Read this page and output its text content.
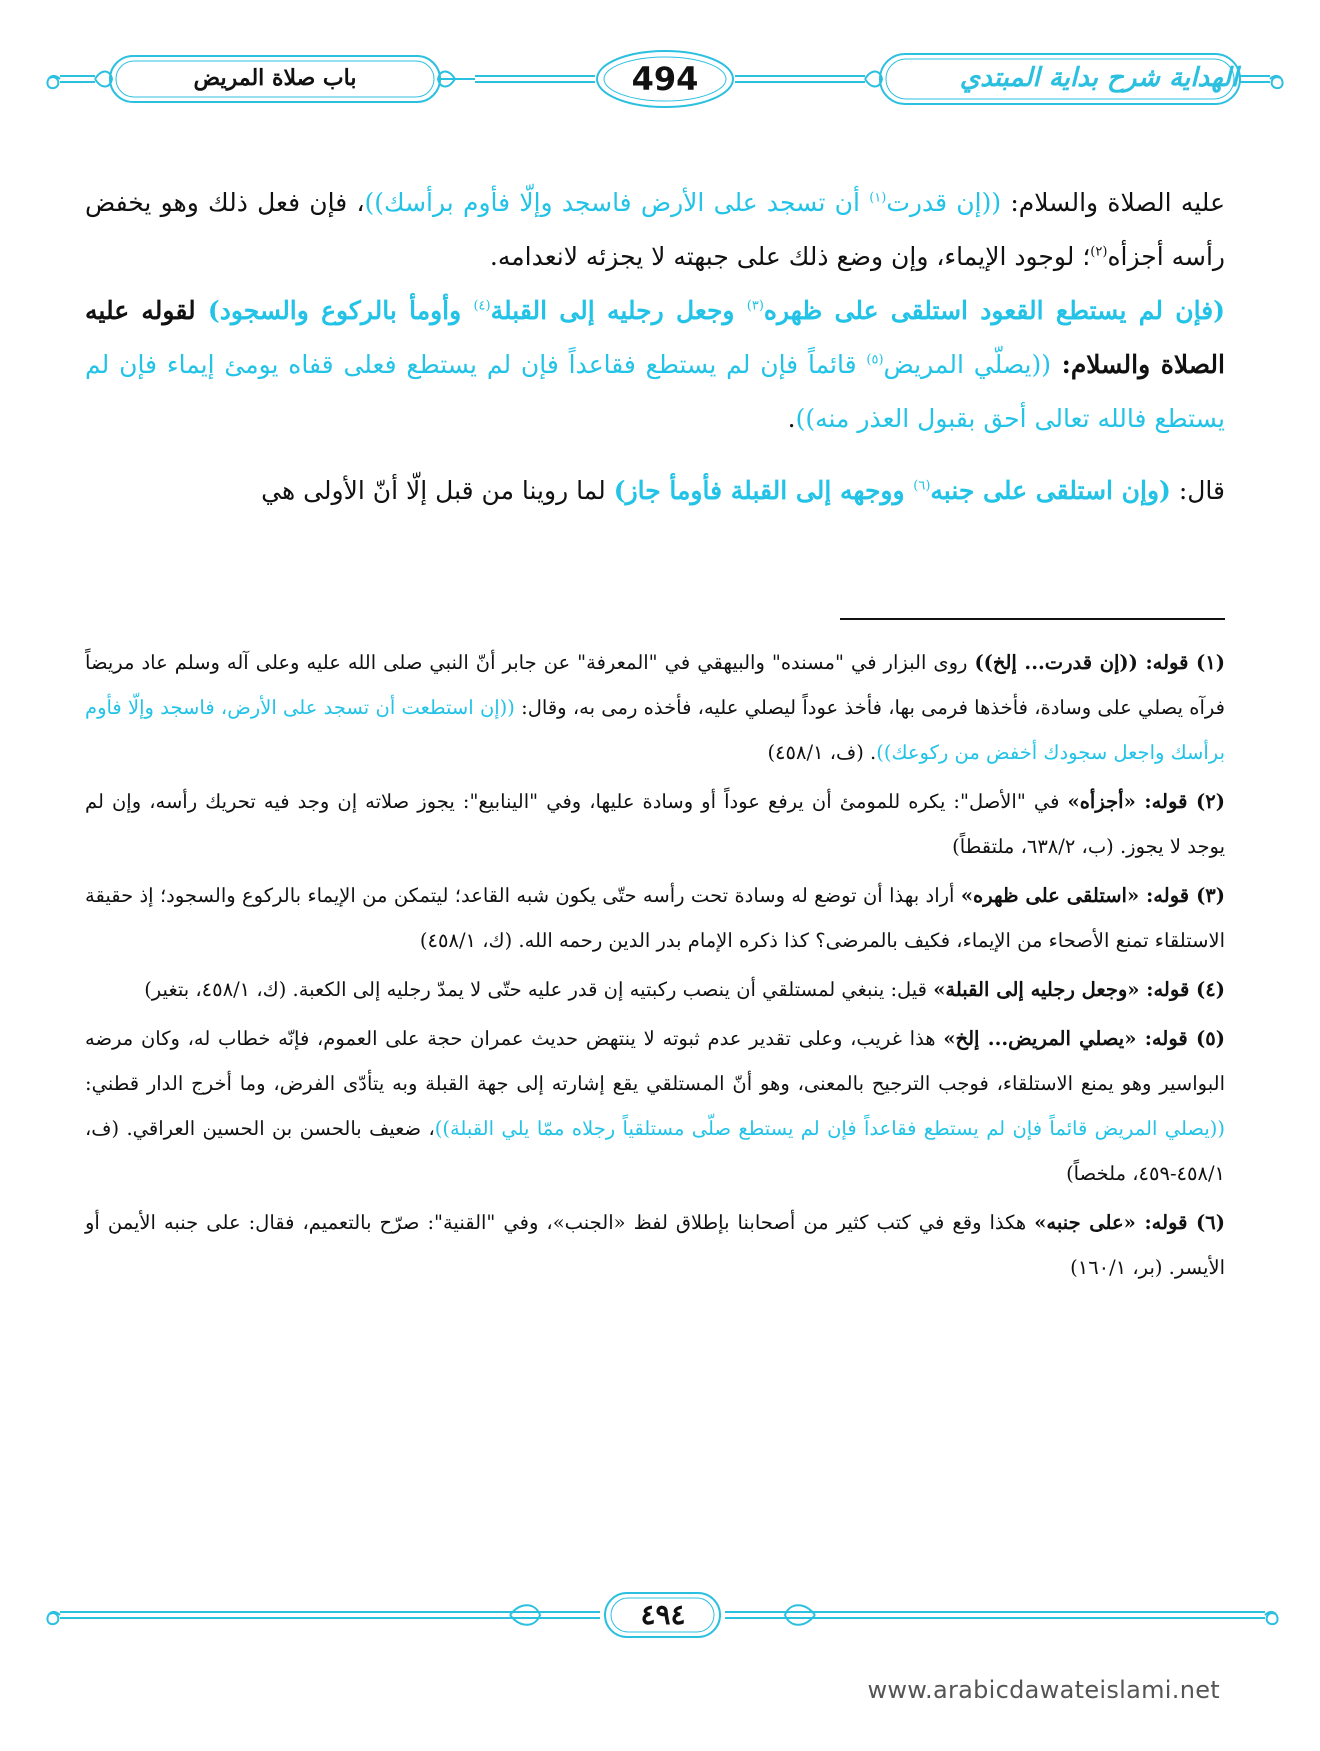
الهداية شرح بداية المبتدي
494
باب صلاة المريض

عليه الصلاة والسلام: ((إن قدرت$^{(١)}$ أن تسجد على الأرض فاسجد وإلّا فأوم برأسك))، فإن فعل ذلك وهو يخفض رأسه أجزأه$^{(٢)}$؛ لوجود الإيماء، وإن وضع ذلك على جبهته لا يجزئه لانعدامه.

(فإن لم يستطع القعود استلقى على ظهره$^{(٣)}$ وجعل رجليه إلى القبلة$^{(٤)}$ وأومأ بالركوع والسجود) لقوله عليه الصلاة والسلام: ((يصلّي المريض$^{(٥)}$ قائماً فإن لم يستطع فقاعداً فإن لم يستطع فعلى قفاه يومئ إيماء فإن لم يستطع فالله تعالى أحق بقبول العذر منه)).

قال: (وإن استلقى على جنبه$^{(٦)}$ ووجهه إلى القبلة فأومأ جاز) لما روينا من قبل إلّا أنّ الأولى هي

(١) قوله: ((إن قدرت... إلخ)) روى البزار في "مسنده" والبيهقي في "المعرفة" عن جابر أنّ النبي صلى الله عليه وعلى آله وسلم عاد مريضاً فرآه يصلي على وسادة، فأخذها فرمى بها، فأخذ عوداً ليصلي عليه، فأخذه رمى به، وقال: ((إن استطعت أن تسجد على الأرض، فاسجد وإلّا فأوم برأسك واجعل سجودك أخفض من ركوعك)). (ف، ٤٥٨/١)

(٢) قوله: «أجزأه» في "الأصل": يكره للمومئ أن يرفع عوداً أو وسادة عليها، وفي "الينابيع": يجوز صلاته إن وجد فيه تحريك رأسه، وإن لم يوجد لا يجوز. (ب، ٦٣٨/٢، ملتقطاً)

(٣) قوله: «استلقى على ظهره» أراد بهذا أن توضع له وسادة تحت رأسه حتّى يكون شبه القاعد؛ ليتمكن من الإيماء بالركوع والسجود؛ إذ حقيقة الاستلقاء تمنع الأصحاء من الإيماء، فكيف بالمرضى؟ كذا ذكره الإمام بدر الدين رحمه الله. (ك، ٤٥٨/١)

(٤) قوله: «وجعل رجليه إلى القبلة» قيل: ينبغي لمستلقي أن ينصب ركبتيه إن قدر عليه حتّى لا يمدّ رجليه إلى الكعبة. (ك، ٤٥٨/١، بتغير)

(٥) قوله: «يصلي المريض... إلخ» هذا غريب، وعلى تقدير عدم ثبوته لا ينتهض حديث عمران حجة على العموم، فإنّه خطاب له، وكان مرضه البواسير وهو يمنع الاستلقاء، فوجب الترجيح بالمعنى، وهو أنّ المستلقي يقع إشارته إلى جهة القبلة وبه يتأدّى الفرض، وما أخرج الدار قطني: ((يصلي المريض قائماً فإن لم يستطع فقاعداً فإن لم يستطع صلّى مستلقياً رجلاه ممّا يلي القبلة))، ضعيف بالحسن بن الحسين العراقي. (ف، ٤٥٨/١-٤٥٩، ملخصاً)

(٦) قوله: «على جنبه» هكذا وقع في كتب كثير من أصحابنا بإطلاق لفظ «الجنب»، وفي "القنية": صرّح بالتعميم، فقال: على جنبه الأيمن أو الأيسر. (بر، ١٦٠/١)

٤٩٤
www.arabicdawateislami.net
